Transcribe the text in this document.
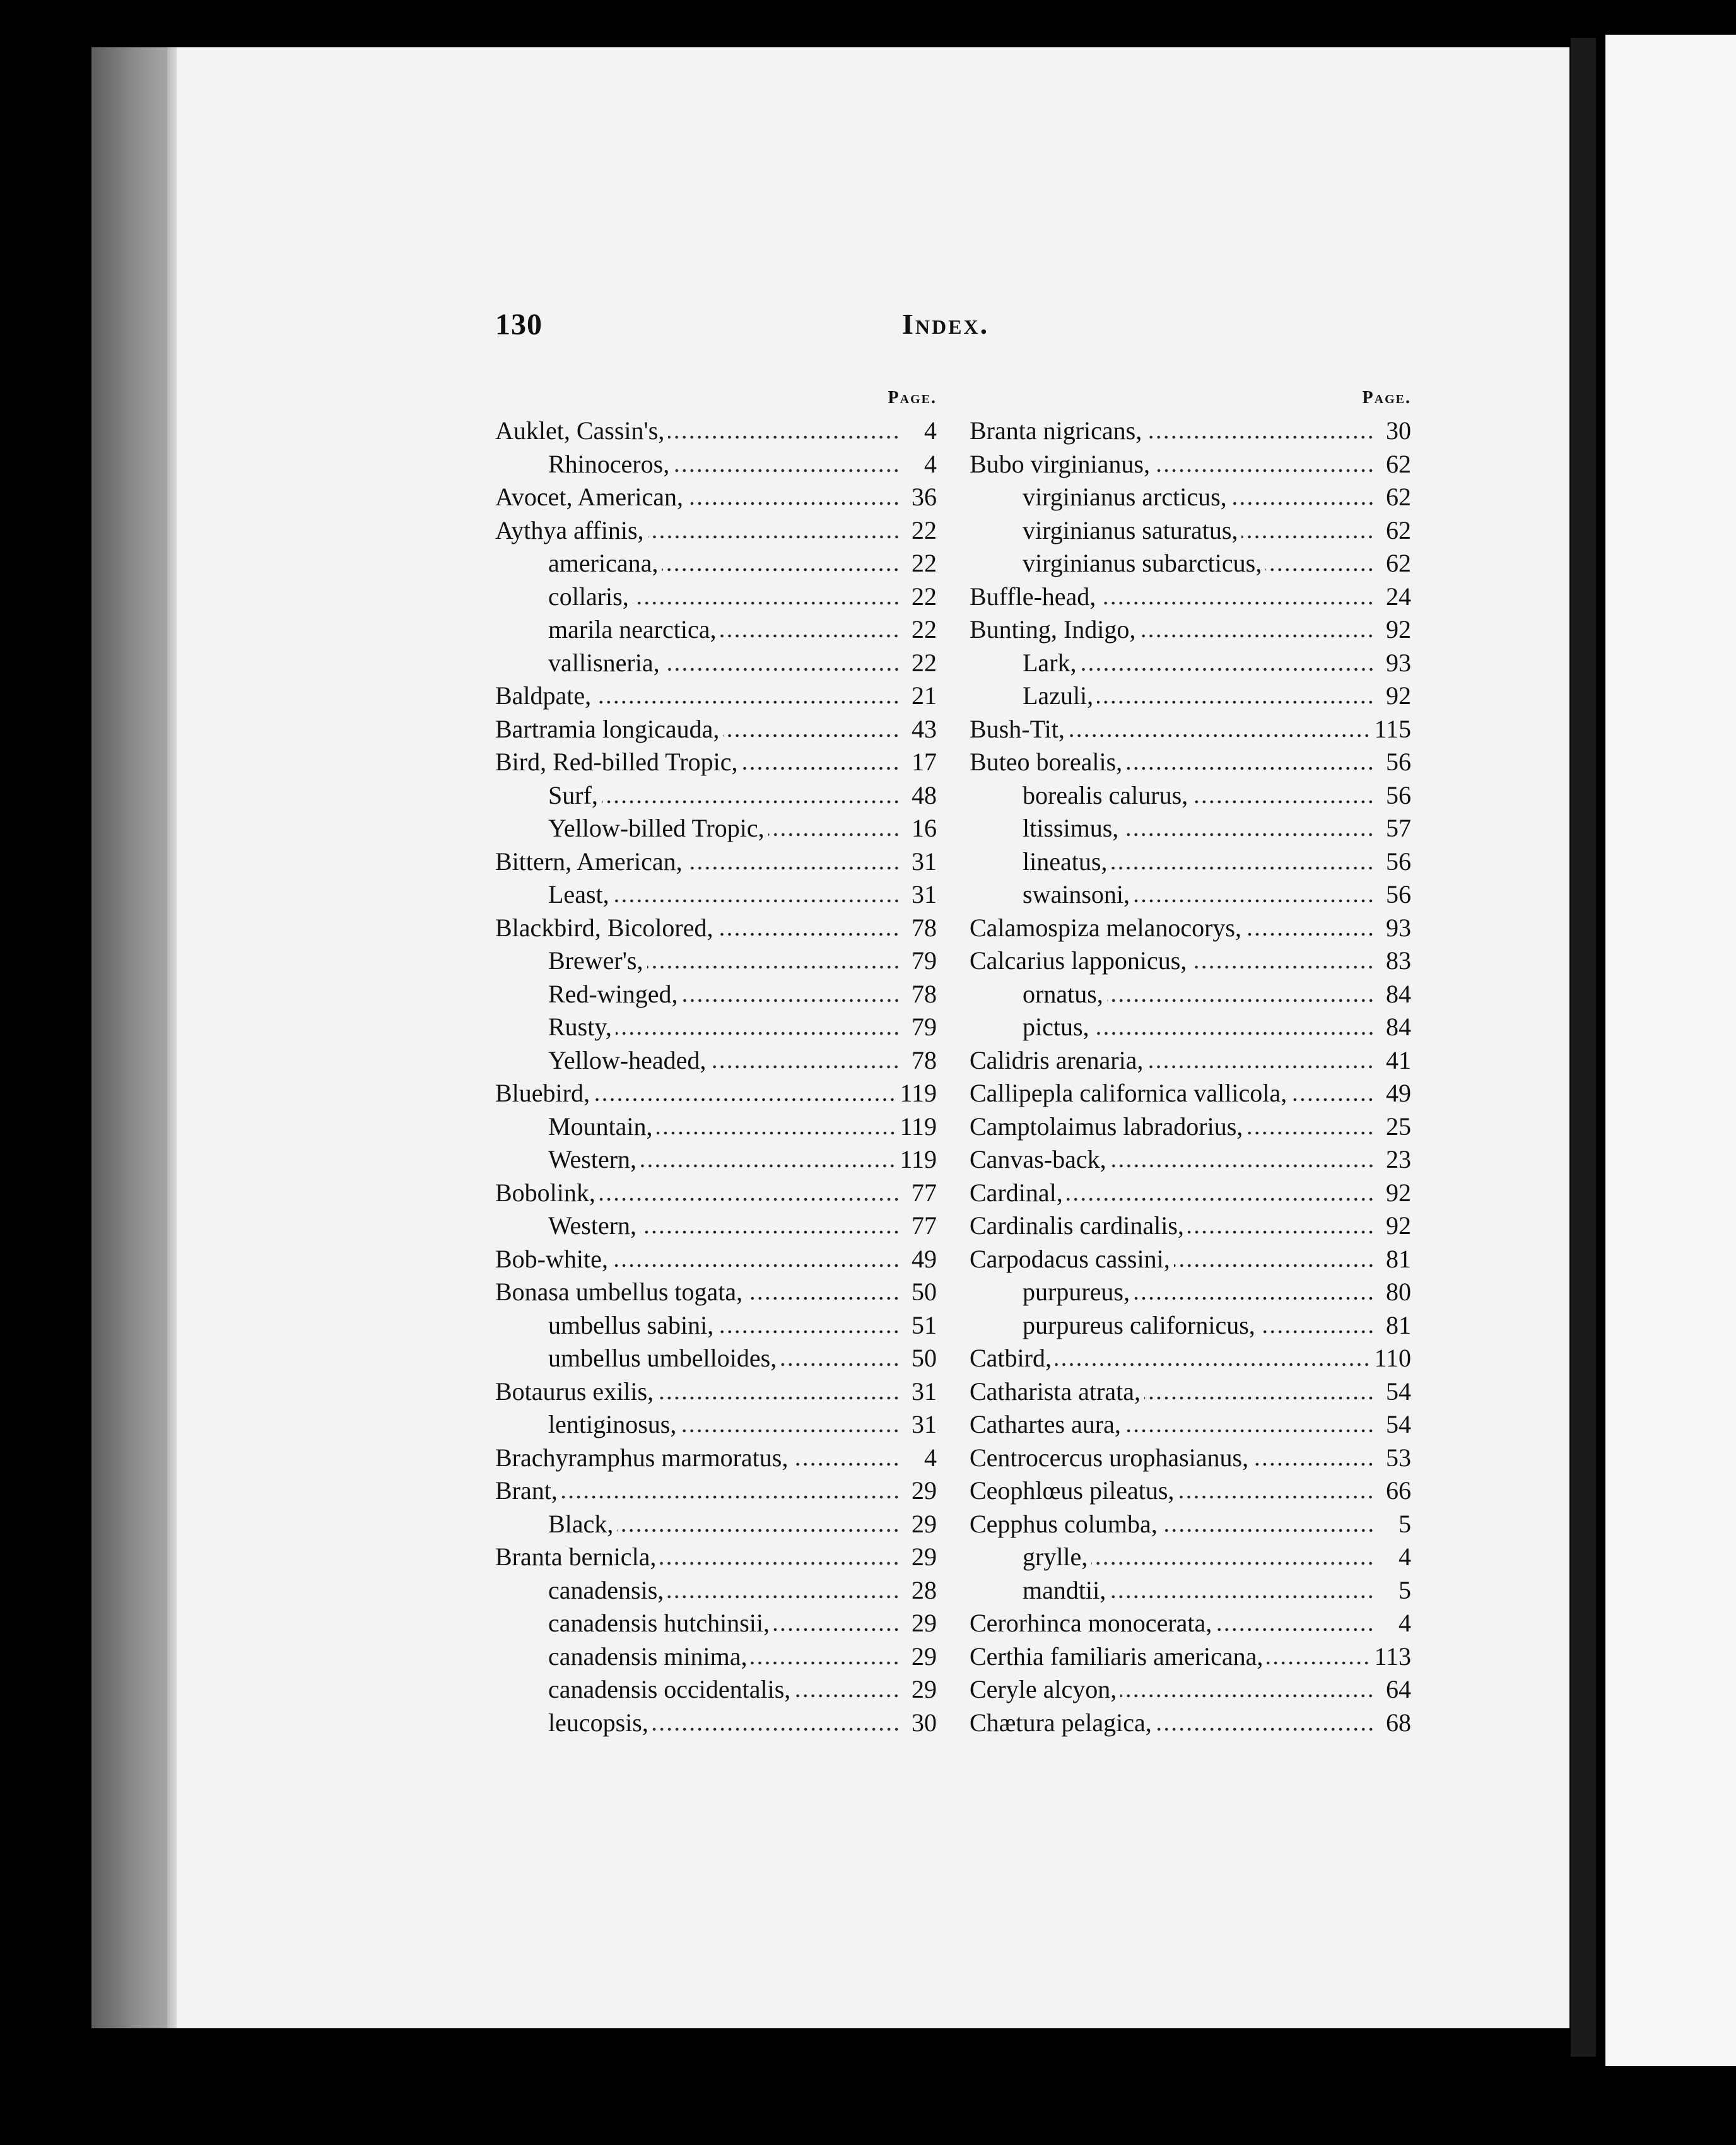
130	Index.
Page.
Auklet, Cassin's,	4
Rhinoceros,	4
Avocet, American,	36
Aythya affinis,	22
americana,	22
collaris,	22
marila nearctica,	22
vallisneria,	22
Baldpate,	21
Bartramia longicauda,	43
Bird, Red-billed Tropic,	17
Surf,	48
Yellow-billed Tropic,	16
Bittern, American,	31
Least,	31
Blackbird, Bicolored,	78
Brewer's,	79
Red-winged,	78
Rusty,	79
Yellow-headed,	78
Bluebird,	119
Mountain,	119
Western,	119
Bobolink,	77
Western,	77
Bob-white,	49
Bonasa umbellus togata,	50
umbellus sabini,	51
umbellus umbelloides,	50
Botaurus exilis,	31
lentiginosus,	31
Brachyramphus marmoratus,	4
Brant,	29
Black,	29
Branta bernicla,	29
canadensis,	28
canadensis hutchinsii,	29
canadensis minima,	29
canadensis occidentalis,	29
leucopsis,	30
Page.
Branta nigricans,	30
Bubo virginianus,	62
virginianus arcticus,	62
virginianus saturatus,	62
virginianus subarcticus,	62
Buffle-head,	24
Bunting, Indigo,	92
Lark,	93
Lazuli,	92
Bush-Tit,	115
Buteo borealis,	56
borealis calurus,	56
ltissimus,	57
lineatus,	56
swainsoni,	56
Calamospiza melanocorys,	93
Calcarius lapponicus,	83
ornatus,	84
pictus,	84
Calidris arenaria,	41
Callipepla californica vallicola,	49
Camptolaimus labradorius,	25
Canvas-back,	23
Cardinal,	92
Cardinalis cardinalis,	92
Carpodacus cassini,	81
purpureus,	80
purpureus californicus,	81
Catbird,	110
Catharista atrata,	54
Cathartes aura,	54
Centrocercus urophasianus,	53
Ceophlœus pileatus,	66
Cepphus columba,	5
grylle,	4
mandtii,	5
Cerorhinca monocerata,	4
Certhia familiaris americana,	113
Ceryle alcyon,	64
Chætura pelagica,	68
